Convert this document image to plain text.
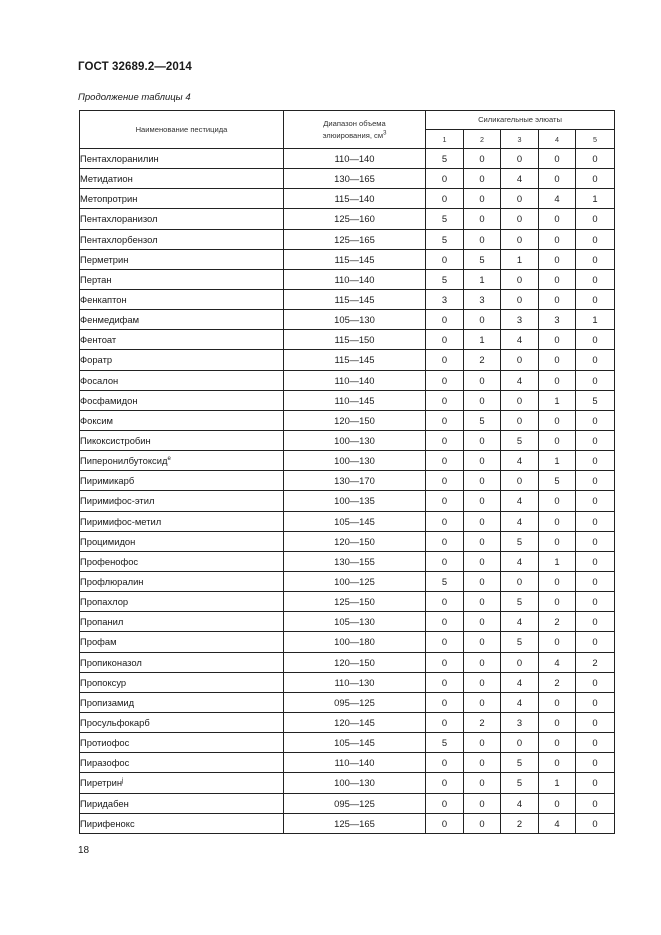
ГОСТ 32689.2—2014
Продолжение таблицы 4
Наименование пестицида	Диапазон объема
элюирования, $см^3$	Силикагельные элюаты				
		1	2	3	4	5
Пентахлоранилин	110—140	5	0	0	0	0
Метидатион	130—165	0	0	4	0	0
Метопротрин	115—140	0	0	0	4	1
Пентахлоранизол	125—160	5	0	0	0	0
Пентахлорбензол	125—165	5	0	0	0	0
Перметрин	115—145	0	5	1	0	0
Пертан	110—140	5	1	0	0	0
Фенкаптон	115—145	3	3	0	0	0
Фенмедифам	105—130	0	0	3	3	1
Фентоат	115—150	0	1	4	0	0
Форатр	115—145	0	2	0	0	0
Фосалон	110—140	0	0	4	0	0
Фосфамидон	110—145	0	0	0	1	5
Фоксим	120—150	0	5	0	0	0
Пикоксистробин	100—130	0	0	5	0	0
Пиперонилбутоксид$^е$	100—130	0	0	4	1	0
Пиримикарб	130—170	0	0	0	5	0
Пиримифос-этил	100—135	0	0	4	0	0
Пиримифос-метил	105—145	0	0	4	0	0
Процимидон	120—150	0	0	5	0	0
Профенофос	130—155	0	0	4	1	0
Профлюралин	100—125	5	0	0	0	0
Пропахлор	125—150	0	0	5	0	0
Пропанил	105—130	0	0	4	2	0
Профам	100—180	0	0	5	0	0
Пропиконазол	120—150	0	0	0	4	2
Пропоксур	110—130	0	0	4	2	0
Пропизамид	095—125	0	0	4	0	0
Просульфокарб	120—145	0	2	3	0	0
Протиофос	105—145	5	0	0	0	0
Пиразофос	110—140	0	0	5	0	0
Пиретрин$^j$	100—130	0	0	5	1	0
Пиридабен	095—125	0	0	4	0	0
Пирифенокс	125—165	0	0	2	4	0
18
